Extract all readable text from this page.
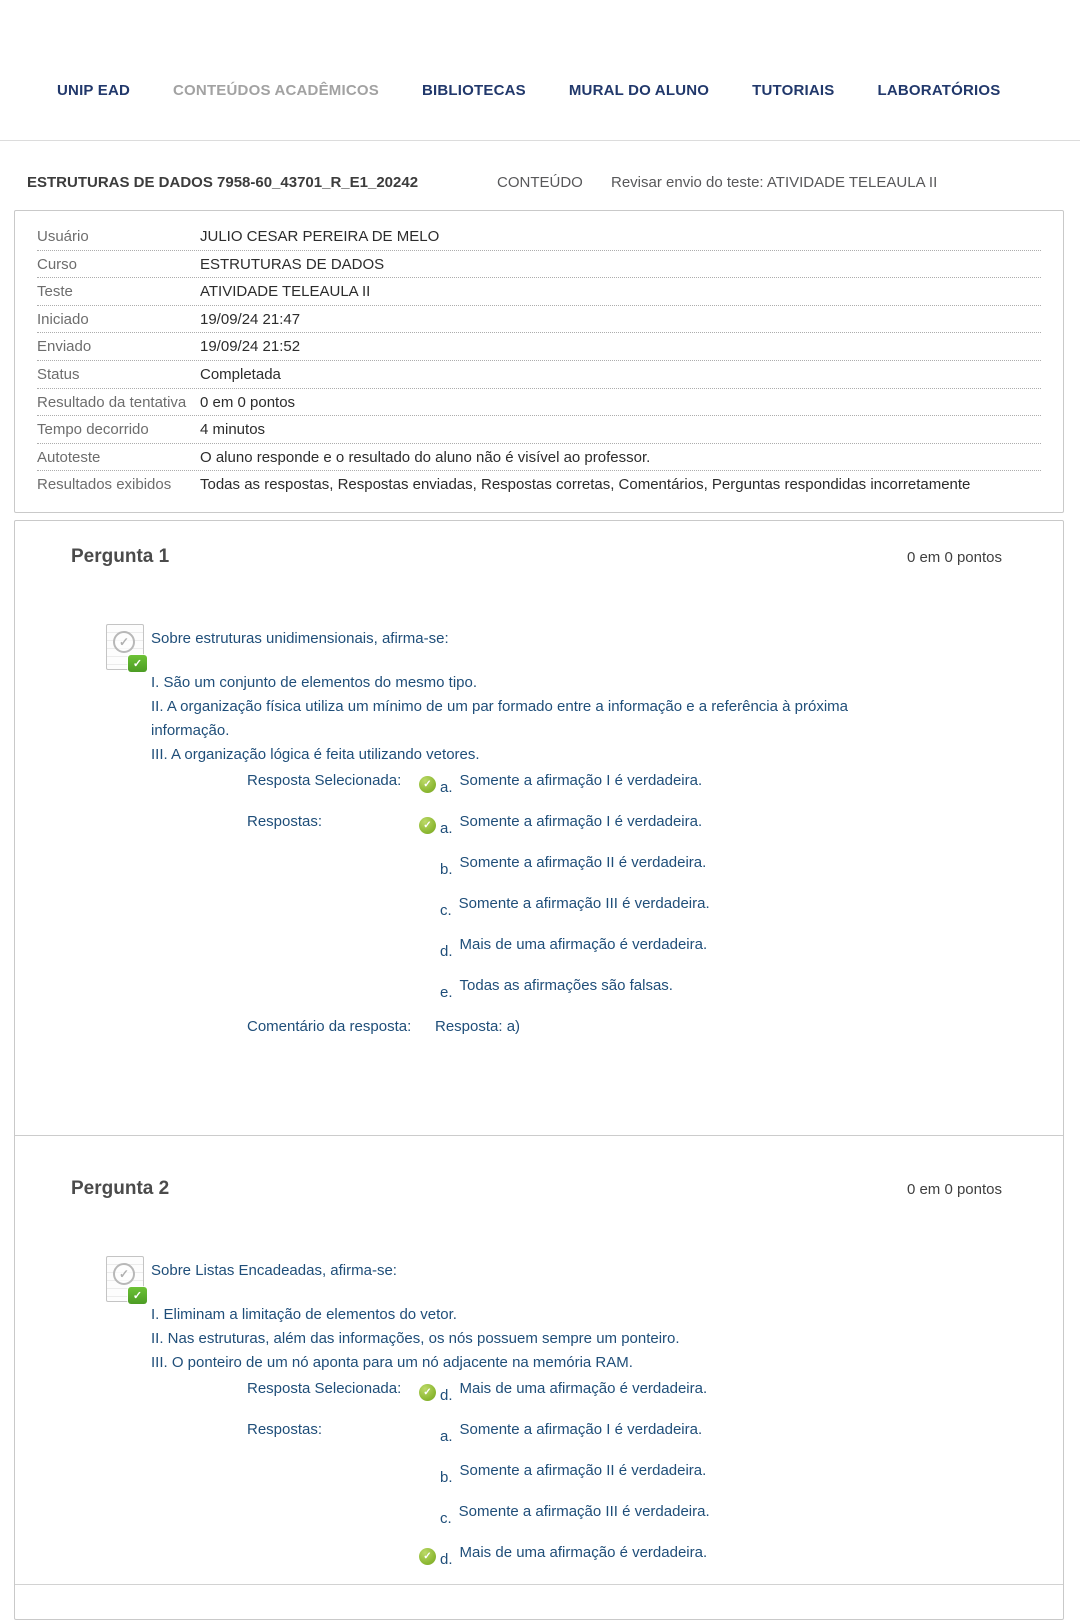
UNIP EAD	CONTEÚDOS ACADÊMICOS	BIBLIOTECAS	MURAL DO ALUNO	TUTORIAIS	LABORATÓRIOS
ESTRUTURAS DE DADOS 7958-60_43701_R_E1_20242	CONTEÚDO Revisar envio do teste: ATIVIDADE TELEAULA II
Usuário	JULIO CESAR PEREIRA DE MELO
Curso	ESTRUTURAS DE DADOS
Teste	ATIVIDADE TELEAULA II
Iniciado	19/09/24 21:47
Enviado	19/09/24 21:52
Status	Completada
Resultado da tentativa 0 em 0 pontos
Tempo decorrido	4 minutos
Autoteste	O aluno responde e o resultado do aluno não é visível ao professor.
Resultados exibidos	Todas as respostas, Respostas enviadas, Respostas corretas, Comentários, Perguntas respondidas incorretamente
Pergunta 1	0 em 0 pontos
✓
✓
Sobre estruturas unidimensionais, afirma-se:
I. São um conjunto de elementos do mesmo tipo.
II. A organização física utiliza um mínimo de um par formado entre a informação e a referência à próxima informação.
III. A organização lógica é feita utilizando vetores.
Resposta Selecionada: ✓	a. Somente a afirmação I é verdadeira.
Respostas: ✓	a. Somente a afirmação I é verdadeira.
b. Somente a afirmação II é verdadeira.
c. Somente a afirmação III é verdadeira.
d. Mais de uma afirmação é verdadeira.
e. Todas as afirmações são falsas.
Comentário da resposta:	Resposta: a)
Pergunta 2	0 em 0 pontos
✓
✓
Sobre Listas Encadeadas, afirma-se:
I. Eliminam a limitação de elementos do vetor.
II. Nas estruturas, além das informações, os nós possuem sempre um ponteiro.
III. O ponteiro de um nó aponta para um nó adjacente na memória RAM.
Resposta Selecionada: ✓	d. Mais de uma afirmação é verdadeira.
Respostas:	a. Somente a afirmação I é verdadeira.
b. Somente a afirmação II é verdadeira.
c. Somente a afirmação III é verdadeira.
✓
d. Mais de uma afirmação é verdadeira.
